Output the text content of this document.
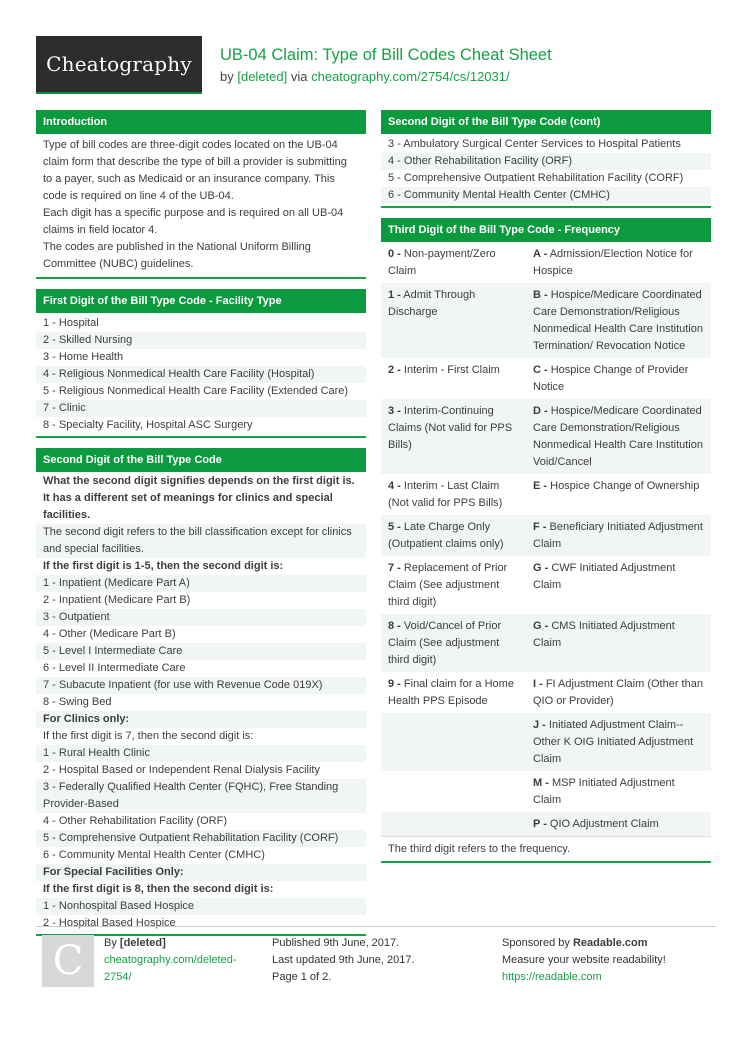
Cheatography	UB-04 Claim: Type of Bill Codes Cheat Sheet
by [deleted] via cheatography.com/2754/cs/12031/
Introduction
Type of bill codes are three-digit codes located on the UB-04 claim form that describe the type of bill a provider is submitting to a payer, such as Medicaid or an insurance company. This code is required on line 4 of the UB-04.
Each digit has a specific purpose and is required on all UB-04 claims in field locator 4.
The codes are published in the National Uniform Billing Committee (NUBC) guidelines.
First Digit of the Bill Type Code - Facility Type
1 - Hospital
2 - Skilled Nursing
3 - Home Health
4 - Religious Nonmedical Health Care Facility (Hospital)
5 - Religious Nonmedical Health Care Facility (Extended Care)
7 - Clinic
8 - Specialty Facility, Hospital ASC Surgery
Second Digit of the Bill Type Code
What the second digit signifies depends on the first digit is. It has a different set of meanings for clinics and special facilities.
The second digit refers to the bill classification except for clinics and special facilities.
If the first digit is 1-5, then the second digit is:
1 - Inpatient (Medicare Part A)
2 - Inpatient (Medicare Part B)
3 - Outpatient
4 - Other (Medicare Part B)
5 - Level I Intermediate Care
6 - Level II Intermediate Care
7 - Subacute Inpatient (for use with Revenue Code 019X)
8 - Swing Bed
For Clinics only:
If the first digit is 7, then the second digit is:
1 - Rural Health Clinic
2 - Hospital Based or Independent Renal Dialysis Facility
3 - Federally Qualified Health Center (FQHC), Free Standing Provider-Based
4 - Other Rehabilitation Facility (ORF)
5 - Comprehensive Outpatient Rehabilitation Facility (CORF)
6 - Community Mental Health Center (CMHC)
For Special Facilities Only:
If the first digit is 8, then the second digit is:
1 - Nonhospital Based Hospice
2 - Hospital Based Hospice
Second Digit of the Bill Type Code (cont)
3 - Ambulatory Surgical Center Services to Hospital Patients
4 - Other Rehabilitation Facility (ORF)
5 - Comprehensive Outpatient Rehabilitation Facility (CORF)
6 - Community Mental Health Center (CMHC)
Third Digit of the Bill Type Code - Frequency
0 - Non-payment/Zero Claim	A - Admission/Election Notice for Hospice
1 - Admit Through Discharge	B - Hospice/Medicare Coordinated Care Demonstration/Religious Nonmedical Health Care Institution Termination/ Revocation Notice
2 - Interim - First Claim	C - Hospice Change of Provider Notice
3 - Interim-Continuing Claims (Not valid for PPS Bills)	D - Hospice/Medicare Coordinated Care Demonstration/Religious Nonmedical Health Care Institution Void/Cancel
4 - Interim - Last Claim (Not valid for PPS Bills)	E - Hospice Change of Ownership
5 - Late Charge Only (Outpatient claims only)	F - Beneficiary Initiated Adjustment Claim
7 - Replacement of Prior Claim (See adjustment third digit)	G - CWF Initiated Adjustment Claim
8 - Void/Cancel of Prior Claim (See adjustment third digit)	G - CMS Initiated Adjustment Claim
9 - Final claim for a Home Health PPS Episode	I - FI Adjustment Claim (Other than QIO or Provider)
	J - Initiated Adjustment Claim--Other K OIG Initiated Adjustment Claim
	M - MSP Initiated Adjustment Claim
	P - QIO Adjustment Claim
The third digit refers to the frequency.
C	By [deleted]
cheatography.com/deleted-2754/
Published 9th June, 2017.
Last updated 9th June, 2017.
Page 1 of 2.
Sponsored by Readable.com
Measure your website readability!
https://readable.com
